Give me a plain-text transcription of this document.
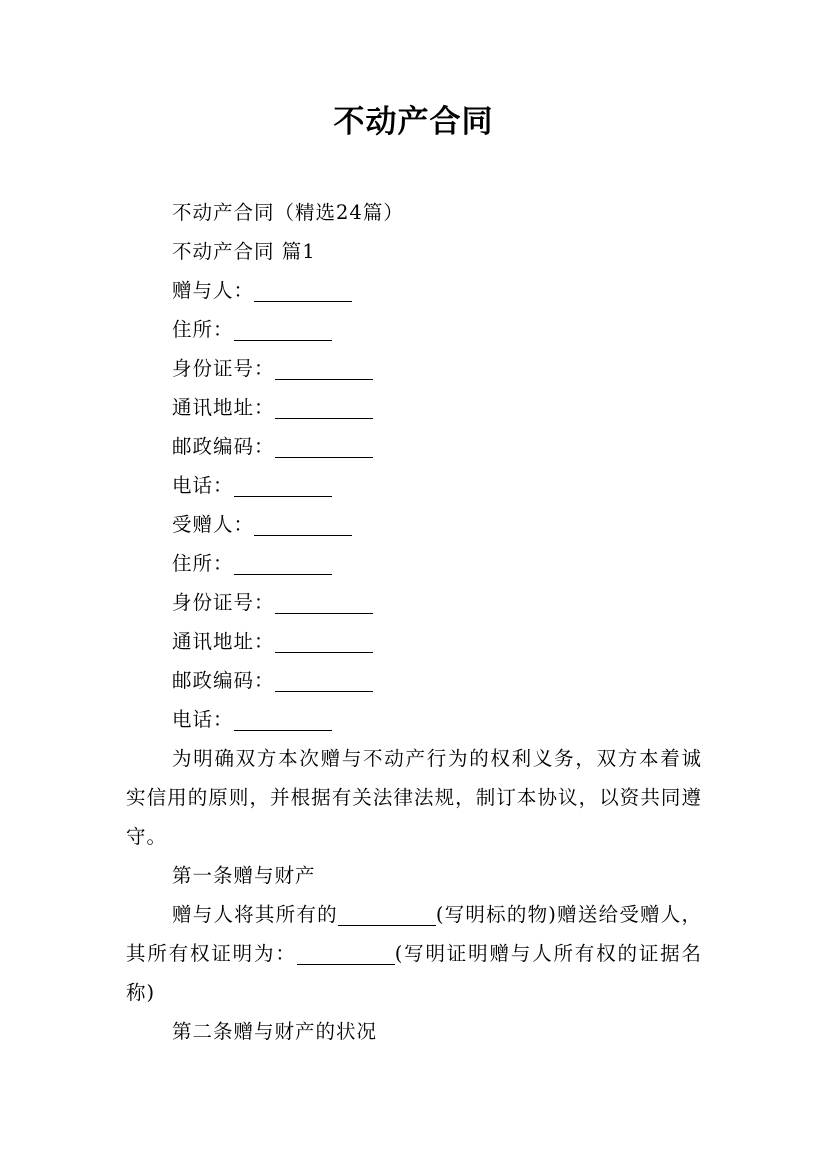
不动产合同
不动产合同（精选24篇）
不动产合同 篇1
赠与人：
住所：
身份证号：
通讯地址：
邮政编码：
电话：
受赠人：
住所：
身份证号：
通讯地址：
邮政编码：
电话：

为明确双方本次赠与不动产行为的权利义务，双方本着诚实信用的原则，并根据有关法律法规，制订本协议，以资共同遵守。

第一条赠与财产

赠与人将其所有的	(写明标的物)赠送给受赠人，其所有权证明为：	(写明证明赠与人所有权的证据名称)

第二条赠与财产的状况
